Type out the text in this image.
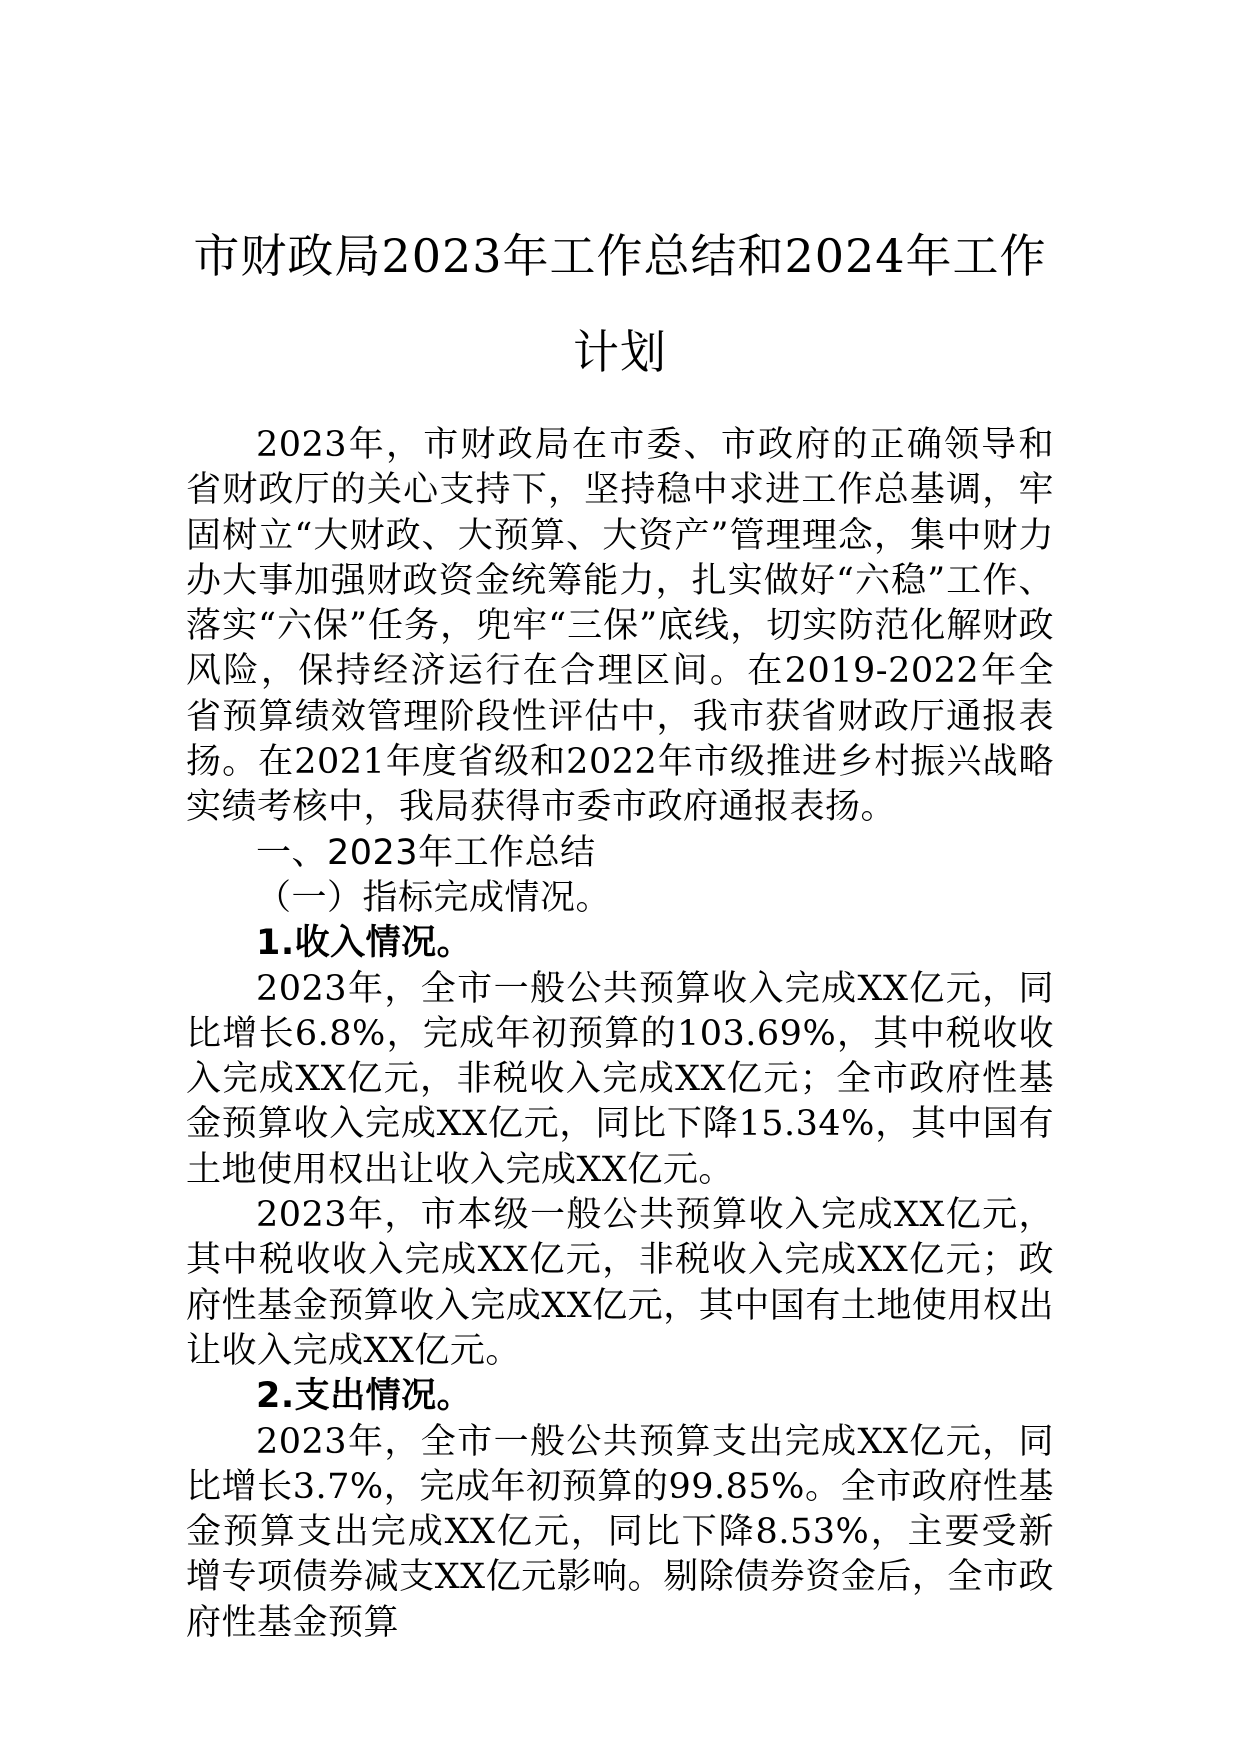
市财政局2023年工作总结和2024年工作计划

2023年，市财政局在市委、市政府的正确领导和省财政厅的关心支持下，坚持稳中求进工作总基调，牢固树立“大财政、大预算、大资产”管理理念，集中财力办大事加强财政资金统筹能力，扎实做好“六稳”工作、落实“六保”任务，兜牢“三保”底线，切实防范化解财政风险，保持经济运行在合理区间。在2019-2022年全省预算绩效管理阶段性评估中，我市获省财政厅通报表扬。在2021年度省级和2022年市级推进乡村振兴战略实绩考核中，我局获得市委市政府通报表扬。

一、2023年工作总结

（一）指标完成情况。

1.收入情况。

2023年，全市一般公共预算收入完成XX亿元，同比增长6.8%，完成年初预算的103.69%，其中税收收入完成XX亿元，非税收入完成XX亿元；全市政府性基金预算收入完成XX亿元，同比下降15.34%，其中国有土地使用权出让收入完成XX亿元。

2023年，市本级一般公共预算收入完成XX亿元，其中税收收入完成XX亿元，非税收入完成XX亿元；政府性基金预算收入完成XX亿元，其中国有土地使用权出让收入完成XX亿元。

2.支出情况。

2023年，全市一般公共预算支出完成XX亿元，同比增长3.7%，完成年初预算的99.85%。全市政府性基金预算支出完成XX亿元，同比下降8.53%，主要受新增专项债券减支XX亿元影响。剔除债券资金后，全市政府性基金预算
